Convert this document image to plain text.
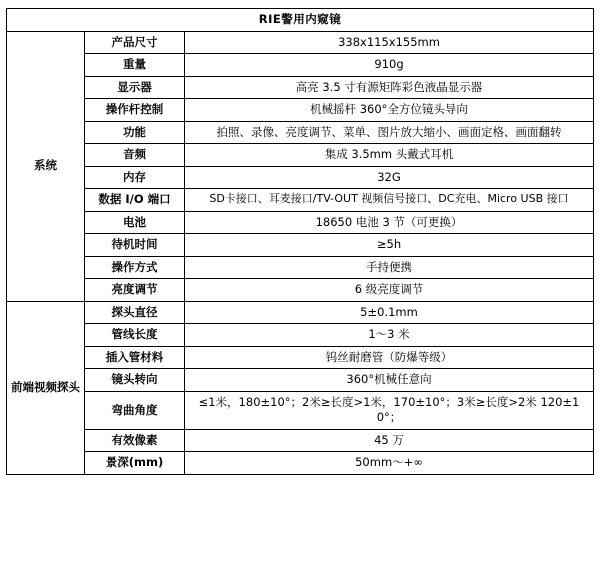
RIE警用内窥镜		
系统	产品尺寸	338x115x155mm
	重量	910g
	显示器	高亮 3.5 寸有源矩阵彩色液晶显示器
	操作杆控制	机械摇杆 360°全方位镜头导向
	功能	拍照、录像、亮度调节、菜单、图片放大缩小、画面定格、画面翻转
	音频	集成 3.5mm 头戴式耳机
	内存	32G
	数据 I/O 端口	SD卡接口、耳麦接口/TV-OUT 视频信号接口、DC充电、Micro USB 接口
	电池	18650 电池 3 节（可更换）
	待机时间	≥5h
	操作方式	手持便携
	亮度调节	6 级亮度调节
前端视频探头	探头直径	5±0.1mm
	管线长度	1～3 米
	插入管材料	钨丝耐磨管（防爆等级）
	镜头转向	360°机械任意向
	弯曲角度	≤1米，180±10°；2米≥长度>1米，170±10°；3米≥长度>2米 120±10°；
	有效像素	45 万
	景深(mm)	50mm～+∞
